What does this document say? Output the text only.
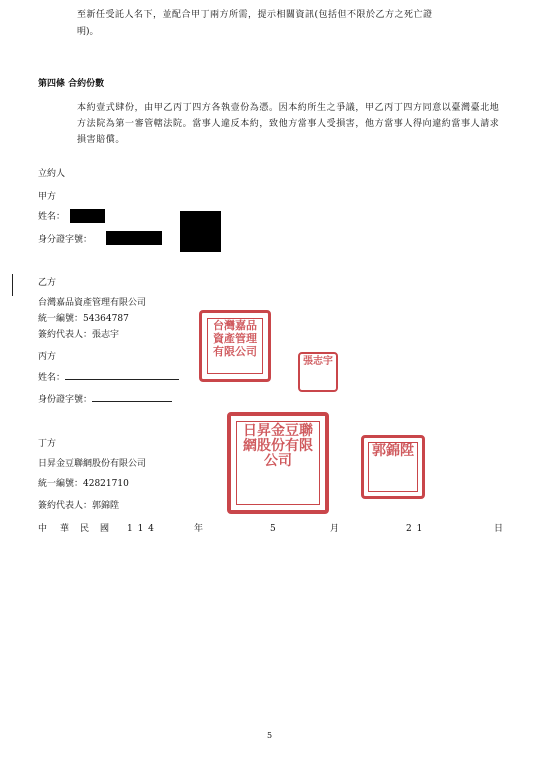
至新任受託人名下，並配合甲丁兩方所需，提示相關資訊(包括但不限於乙方之死亡證
明)。
第四條 合約份數
本約壹式肆份，由甲乙丙丁四方各執壹份為憑。因本約所生之爭議，甲乙丙丁四方同意以臺灣臺北地方法院為第一審管轄法院。當事人違反本約，致他方當事人受損害，他方當事人得向違約當事人請求損害賠償。
立約人
甲方
姓名：
身分證字號：
乙方
台灣嘉品資產管理有限公司
統一編號：54364787
簽約代表人：張志宇
台灣嘉品資產管理有限公司
張志宇
丙方
姓名：
身份證字號：
丁方
日昇金豆聯網股份有限公司
統一編號：42821710
簽約代表人：郭錦陞
日昇金豆聯網股份有限公司
郭錦陞
中 華 民 國 1 1 4	年	5	月	2 1	日
5
